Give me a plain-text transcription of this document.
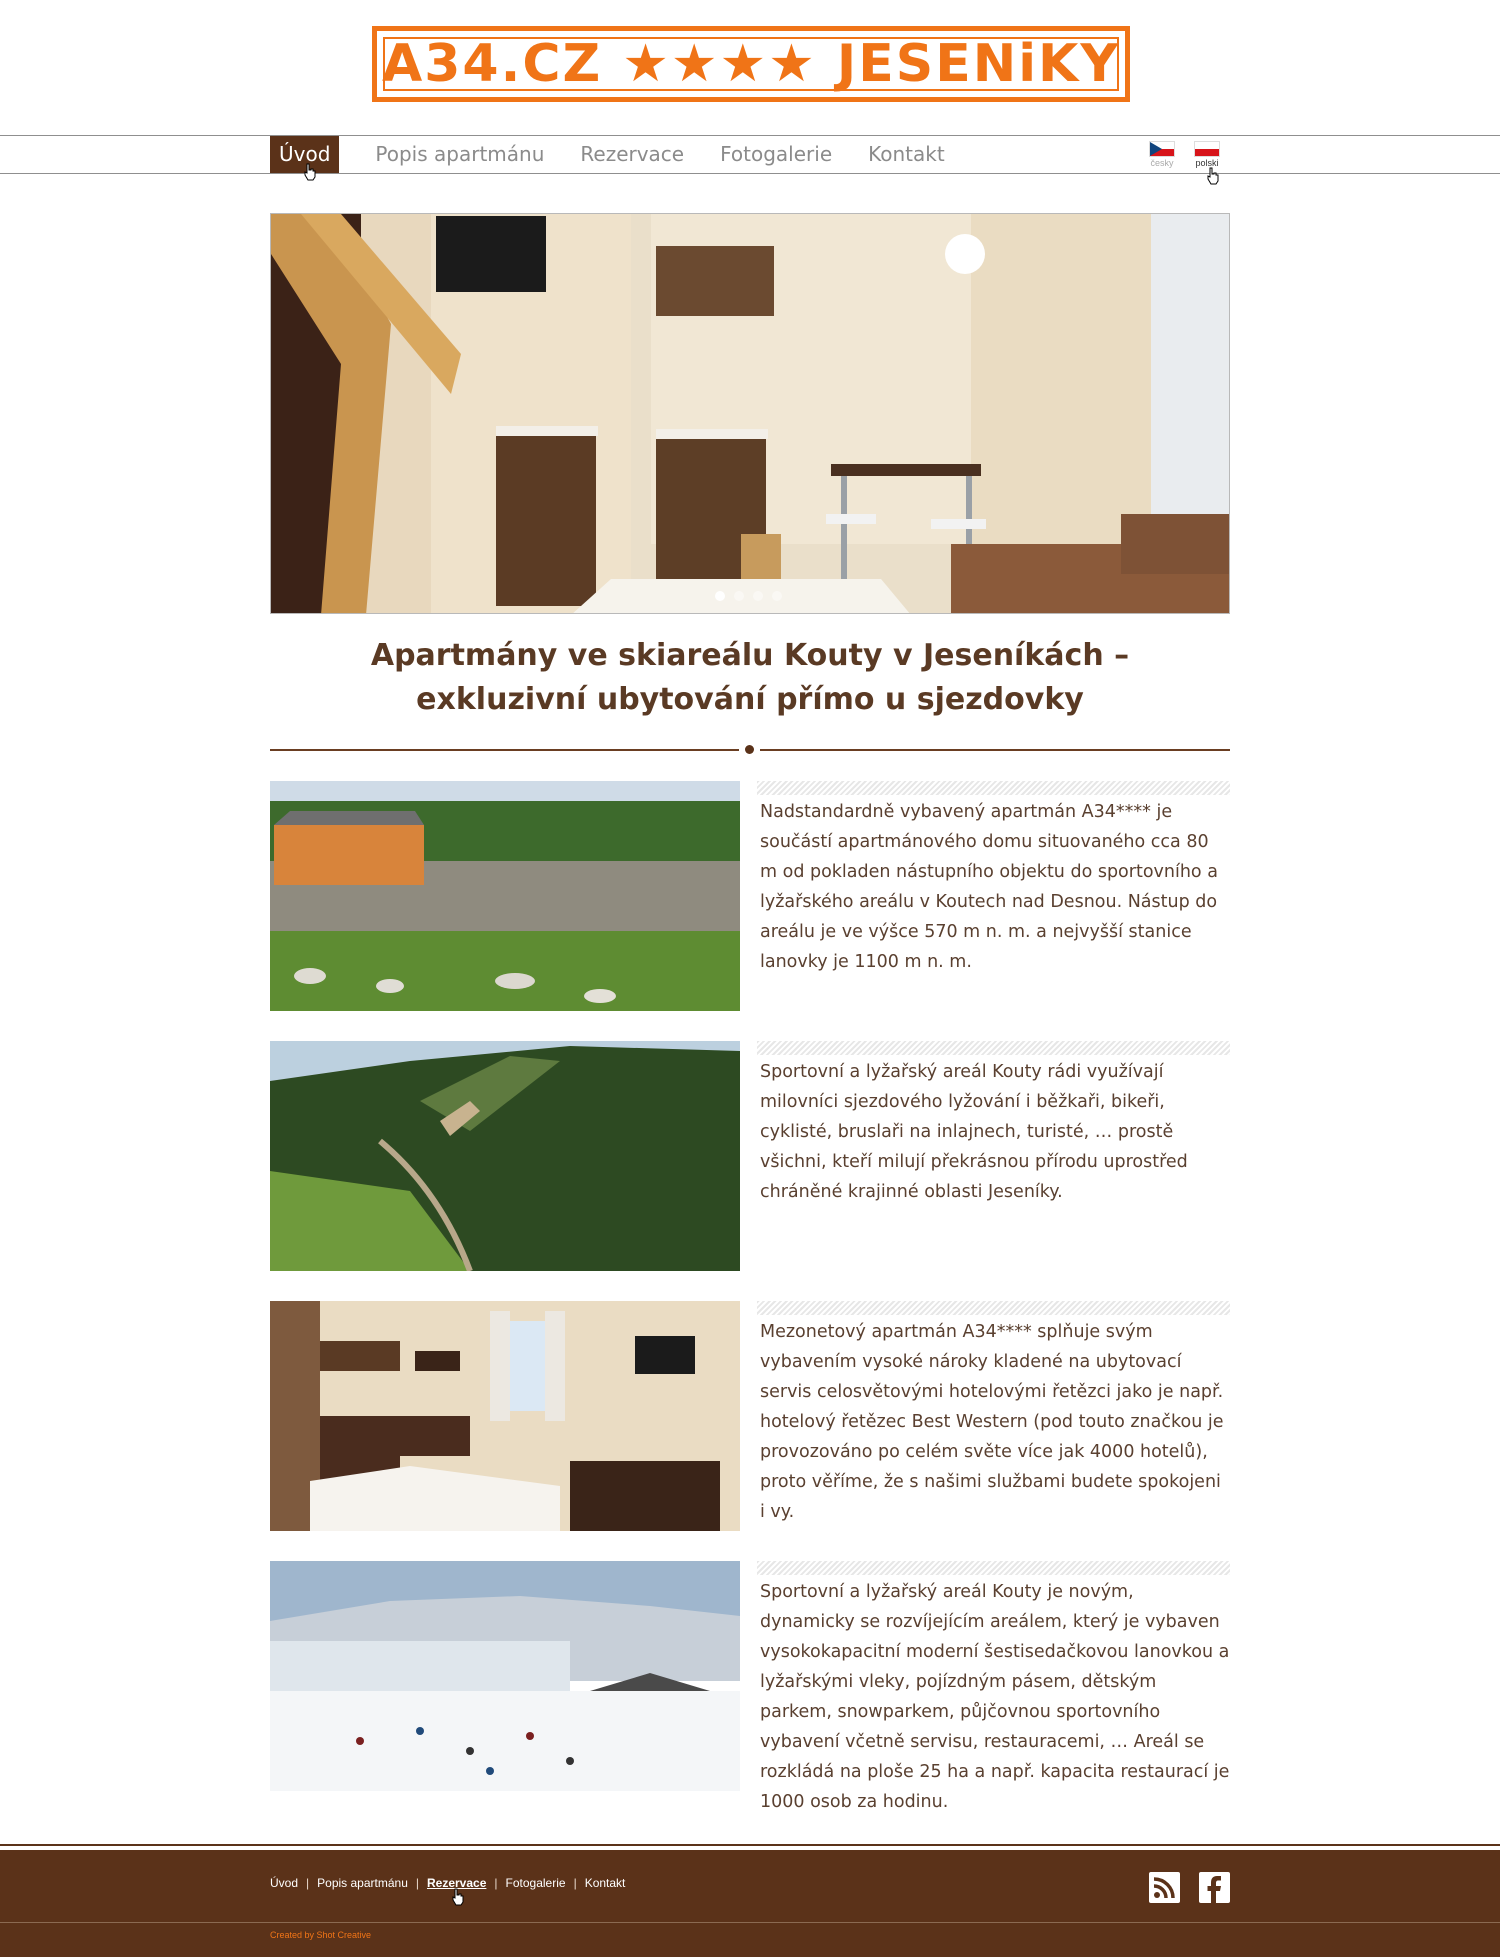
A34.CZ ★★★★ JESENiKY
Úvod	Popis apartmánu Rezervace Fotogalerie Kontakt	česky polski
Apartmány ve skiareálu Kouty v Jeseníkách –
exkluzivní ubytování přímo u sjezdovky

Nadstandardně vybavený apartmán A34**** je součástí apartmánového domu situovaného cca 80 m od pokladen nástupního objektu do sportovního a lyžařského areálu v Koutech nad Desnou. Nástup do areálu je ve výšce 570 m n. m. a nejvyšší stanice lanovky je 1100 m n. m.

Sportovní a lyžařský areál Kouty rádi využívají milovníci sjezdového lyžování i běžkaři, bikeři, cyklisté, bruslaři na inlajnech, turisté, … prostě všichni, kteří milují překrásnou přírodu uprostřed chráněné krajinné oblasti Jeseníky.

Mezonetový apartmán A34**** splňuje svým vybavením vysoké nároky kladené na ubytovací servis celosvětovými hotelovými řetězci jako je např. hotelový řetězec Best Western (pod touto značkou je provozováno po celém světe více jak 4000 hotelů), proto věříme, že s našimi službami budete spokojeni i vy.

Sportovní a lyžařský areál Kouty je novým, dynamicky se rozvíjejícím areálem, který je vybaven vysokokapacitní moderní šestisedačkovou lanovkou a lyžařskými vleky, pojízdným pásem, dětským parkem, snowparkem, půjčovnou sportovního vybavení včetně servisu, restauracemi, … Areál se rozkládá na ploše 25 ha a např. kapacita restaurací je 1000 osob za hodinu.

Úvod | Popis apartmánu | Rezervace | Fotogalerie | Kontakt
Created by Shot Creative
